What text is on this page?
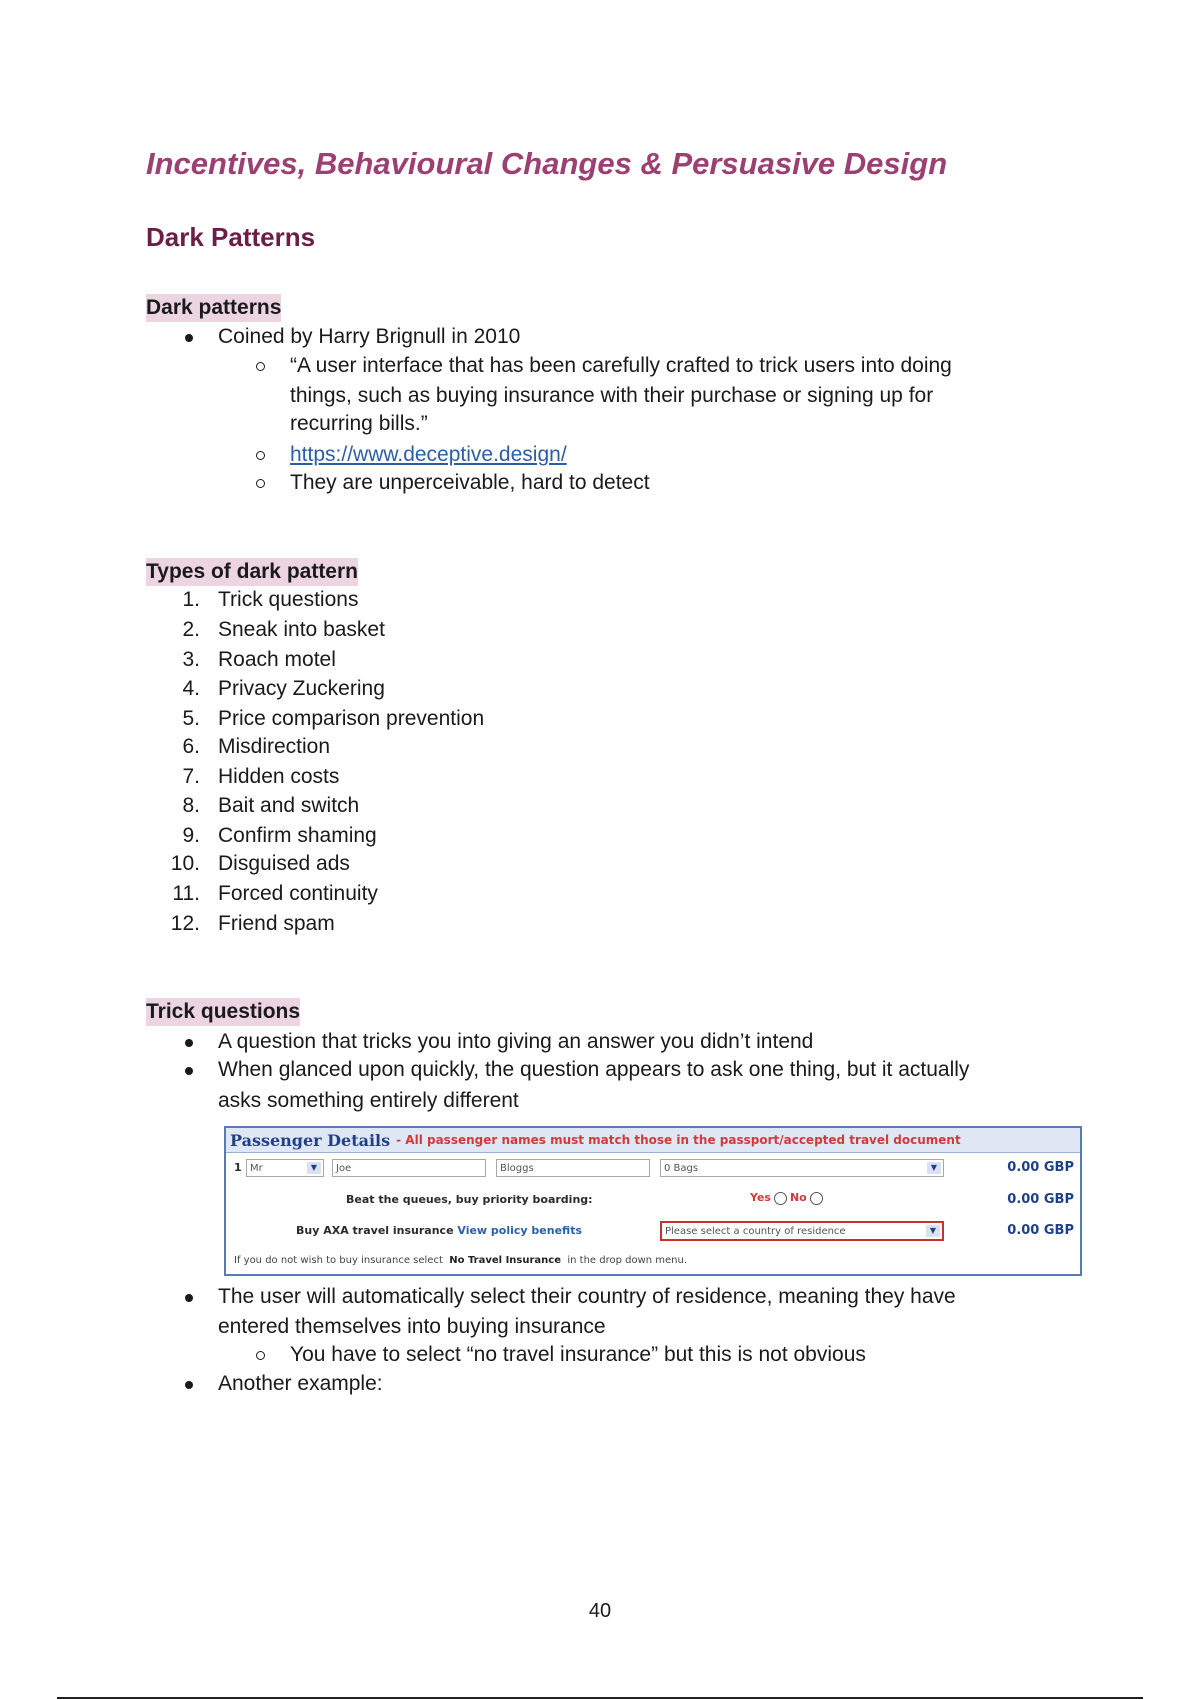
Incentives, Behavioural Changes & Persuasive Design
Dark Patterns
Dark patterns
Coined by Harry Brignull in 2010
“A user interface that has been carefully crafted to trick users into doing
things, such as buying insurance with their purchase or signing up for
recurring bills.”
https://www.deceptive.design/
They are unperceivable, hard to detect
Types of dark pattern
1. Trick questions
2. Sneak into basket
3. Roach motel
4. Privacy Zuckering
5. Price comparison prevention
6. Misdirection
7. Hidden costs
8. Bait and switch
9. Confirm shaming
10. Disguised ads
11. Forced continuity
12. Friend spam
Trick questions
A question that tricks you into giving an answer you didn’t intend
When glanced upon quickly, the question appears to ask one thing, but it actually
asks something entirely different
Passenger Details - All passenger names must match those in the passport/accepted travel document
1 Mr	▼	Joe	Bloggs	0 Bags	▼	0.00 GBP
Beat the queues, buy priority boarding:	Yes No	0.00 GBP
Buy AXA travel insurance View policy benefits	Please select a country of residence	▼	0.00 GBP
If you do not wish to buy insurance select No Travel Insurance in the drop down menu.
The user will automatically select their country of residence, meaning they have
entered themselves into buying insurance
You have to select “no travel insurance” but this is not obvious
Another example:
40
